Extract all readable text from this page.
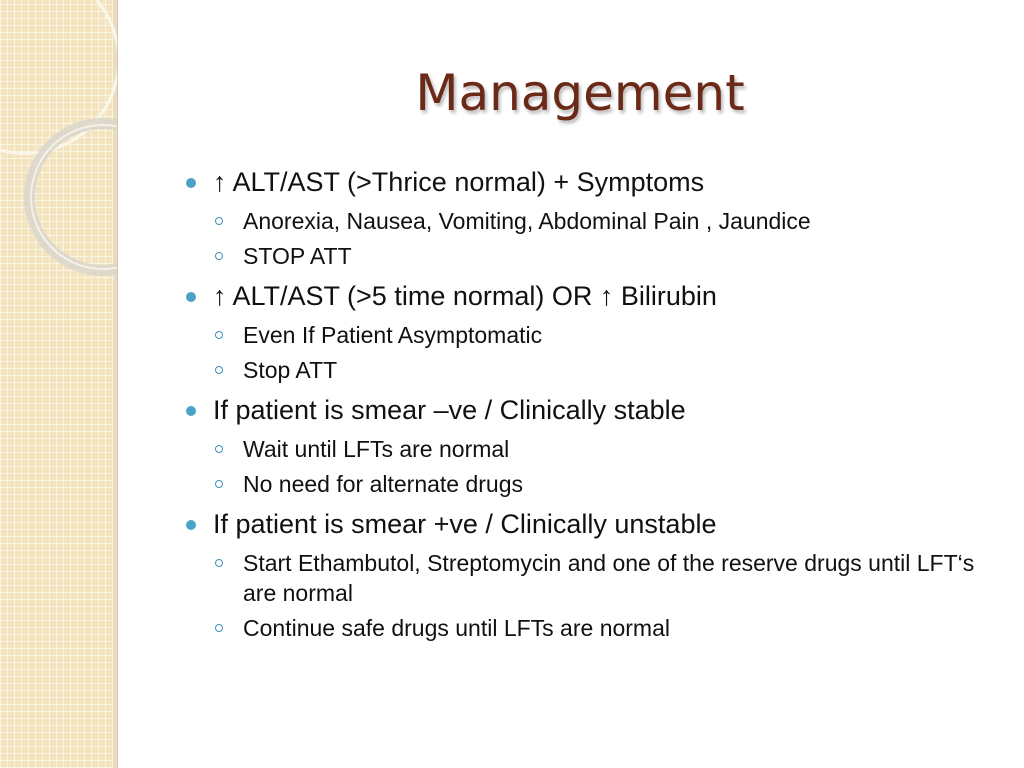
Management

↑ ALT/AST (>Thrice normal) + Symptoms

Anorexia, Nausea, Vomiting, Abdominal Pain , Jaundice

STOP ATT

↑ ALT/AST (>5 time normal) OR ↑ Bilirubin

Even If Patient Asymptomatic

Stop ATT

If patient is smear –ve / Clinically stable

Wait until LFTs are normal

No need for alternate drugs

If patient is smear +ve / Clinically unstable

Start Ethambutol, Streptomycin and one of the reserve drugs until LFT‘s are normal

Continue safe drugs until LFTs are normal
